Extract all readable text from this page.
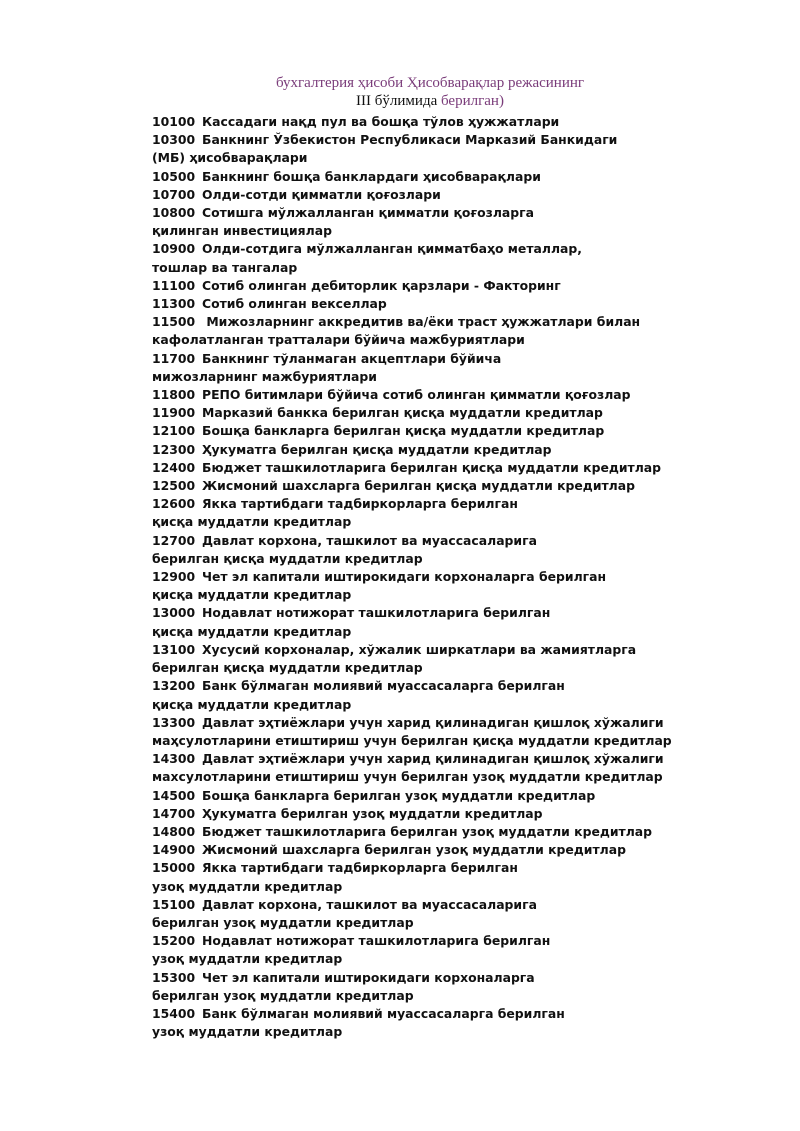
бухгалтерия ҳисоби Ҳисобварақлар режасининг
III бўлимида берилган)
10100 Кассадаги нақд пул ва бошқа тўлов ҳужжатлари
10300 Банкнинг Ўзбекистон Республикаси Марказий Банкидаги
(МБ) ҳисобварақлари
10500 Банкнинг бошқа банклардаги ҳисобварақлари
10700 Олди-сотди қимматли қоғозлари
10800 Сотишга мўлжалланган қимматли қоғозларга
қилинган инвестициялар
10900 Олди-сотдига мўлжалланган қимматбаҳо металлар,
тошлар ва тангалар
11100 Сотиб олинган дебиторлик қарзлари - Факторинг
11300 Сотиб олинган векселлар
11500 Мижозларнинг аккредитив ва/ёки траст ҳужжатлари билан
кафолатланган тратталари бўйича мажбуриятлари
11700 Банкнинг тўланмаган акцептлари бўйича
мижозларнинг мажбуриятлари
11800 РЕПО битимлари бўйича сотиб олинган қимматли қоғозлар
11900 Марказий банкка берилган қисқа муддатли кредитлар
12100 Бошқа банкларга берилган қисқа муддатли кредитлар
12300 Ҳукуматга берилган қисқа муддатли кредитлар
12400 Бюджет ташкилотларига берилган қисқа муддатли кредитлар
12500 Жисмоний шахсларга берилган қисқа муддатли кредитлар
12600 Якка тартибдаги тадбиркорларга берилган
қисқа муддатли кредитлар
12700 Давлат корхона, ташкилот ва муассасаларига
берилган қисқа муддатли кредитлар
12900 Чет эл капитали иштирокидаги корхоналарга берилган
қисқа муддатли кредитлар
13000 Нодавлат нотижорат ташкилотларига берилган
қисқа муддатли кредитлар
13100 Хусусий корхоналар, хўжалик ширкатлари ва жамиятларга
берилган қисқа муддатли кредитлар
13200 Банк бўлмаган молиявий муассасаларга берилган
қисқа муддатли кредитлар
13300 Давлат эҳтиёжлари учун харид қилинадиган қишлоқ хўжалиги
маҳсулотларини етиштириш учун берилган қисқа муддатли кредитлар
14300 Давлат эҳтиёжлари учун харид қилинадиган қишлоқ хўжалиги
махсулотларини етиштириш учун берилган узоқ муддатли кредитлар
14500 Бошқа банкларга берилган узоқ муддатли кредитлар
14700 Ҳукуматга берилган узоқ муддатли кредитлар
14800 Бюджет ташкилотларига берилган узоқ муддатли кредитлар
14900 Жисмоний шахсларга берилган узоқ муддатли кредитлар
15000 Якка тартибдаги тадбиркорларга берилган
узоқ муддатли кредитлар
15100 Давлат корхона, ташкилот ва муассасаларига
берилган узоқ муддатли кредитлар
15200 Нодавлат нотижорат ташкилотларига берилган
узоқ муддатли кредитлар
15300 Чет эл капитали иштирокидаги корхоналарга
берилган узоқ муддатли кредитлар
15400 Банк бўлмаган молиявий муассасаларга берилган
узоқ муддатли кредитлар
